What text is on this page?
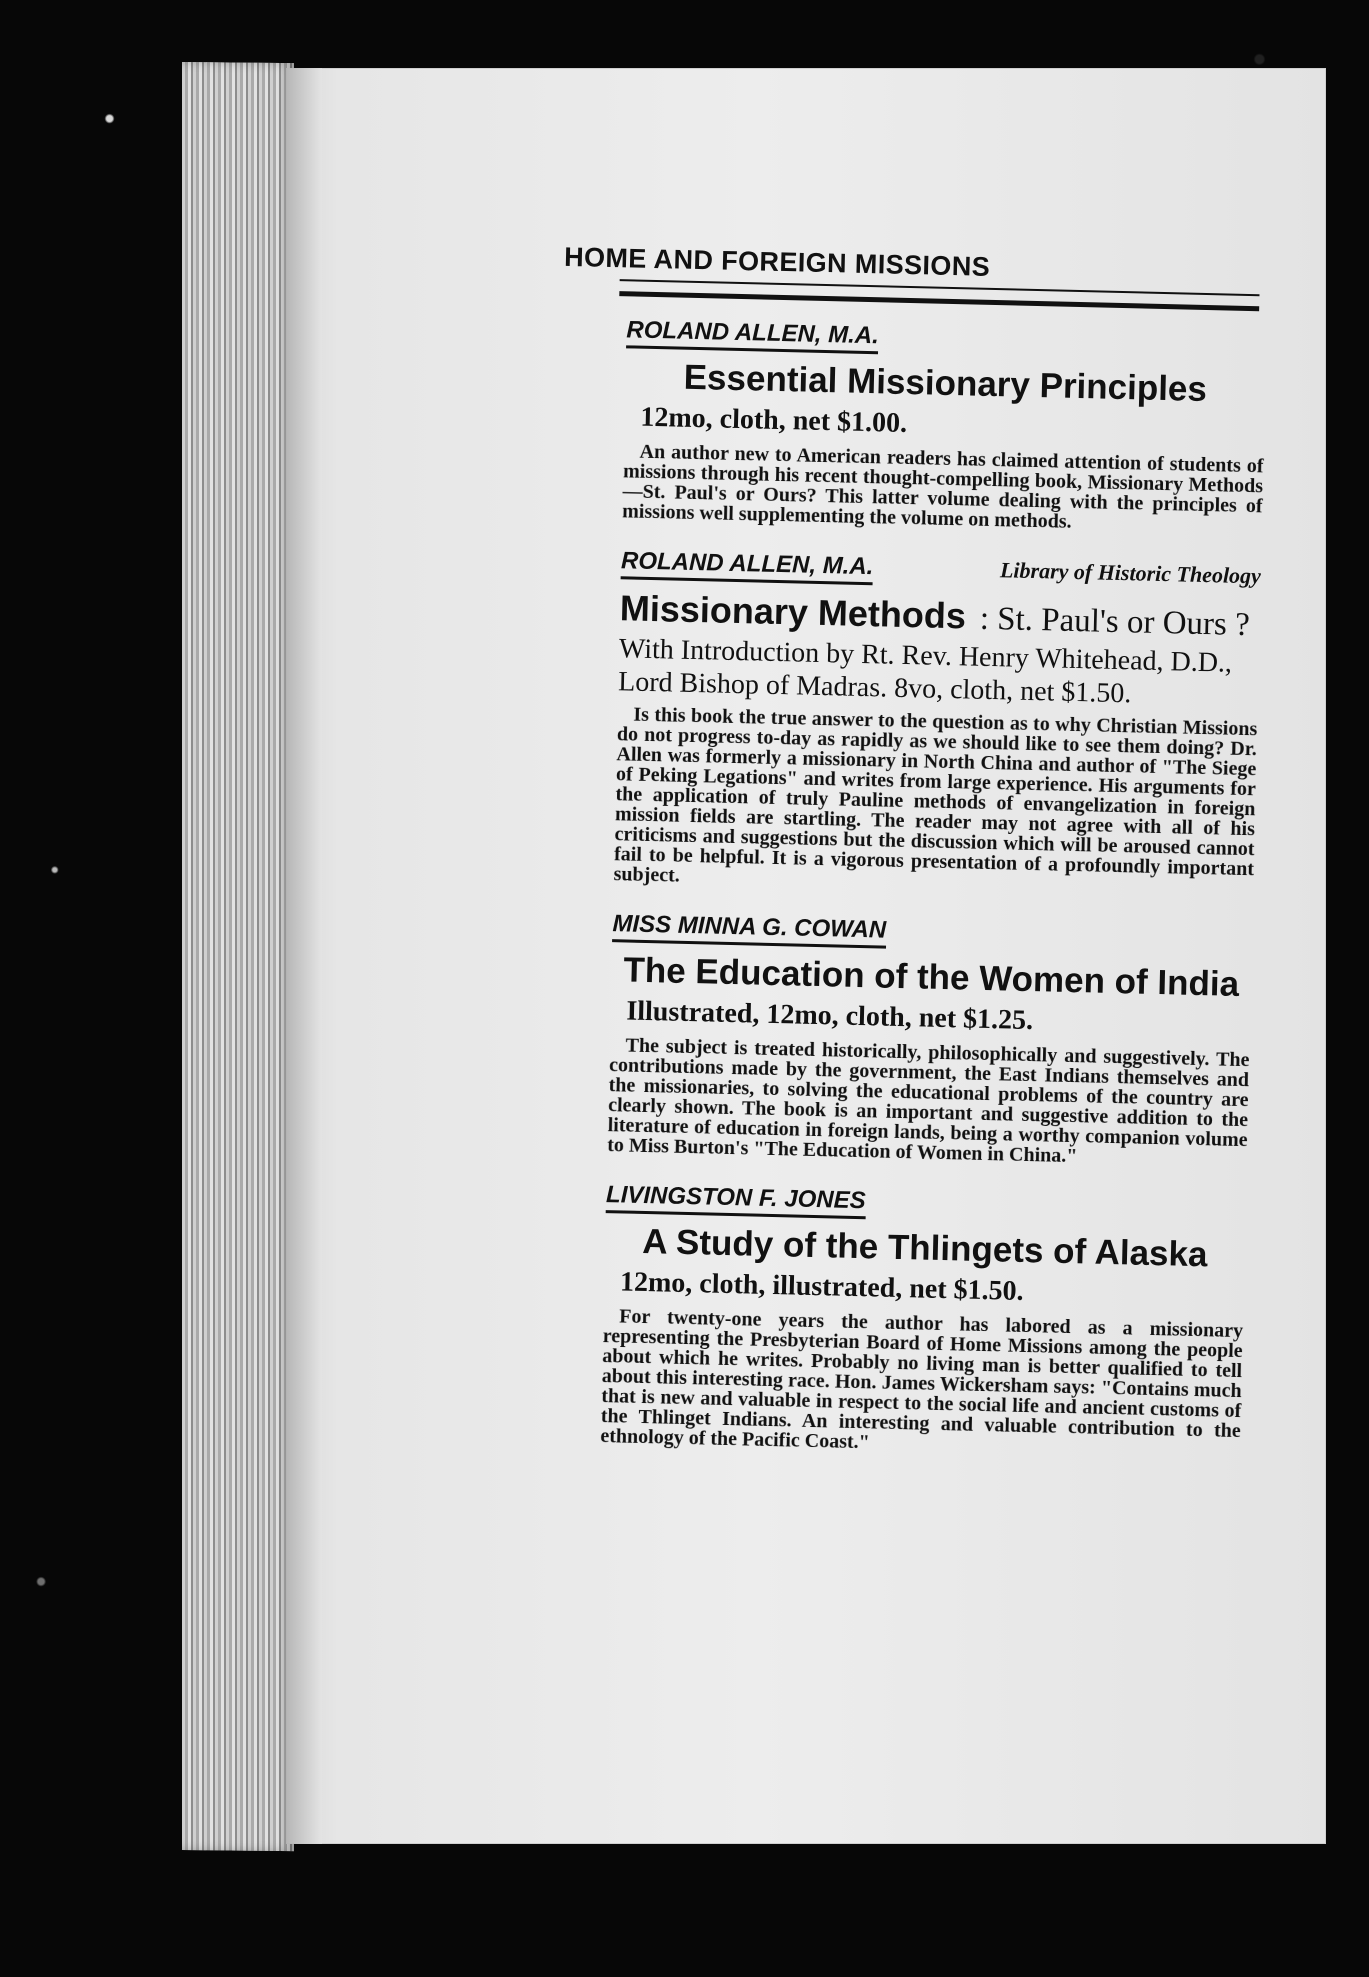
HOME AND FOREIGN MISSIONS
ROLAND ALLEN, M.A.
Essential Missionary Principles
12mo, cloth, net $1.00.

An author new to American readers has claimed attention of students of missions through his recent thought-compelling book, Missionary Methods—St. Paul's or Ours? This latter volume dealing with the principles of missions well supplementing the volume on methods.

ROLAND ALLEN, M.A.	Library of Historic Theology
Missionary Methods : St. Paul's or Ours ?
With Introduction by Rt. Rev. Henry Whitehead, D.D., Lord Bishop of Madras. 8vo, cloth, net $1.50.

Is this book the true answer to the question as to why Christian Missions do not progress to-day as rapidly as we should like to see them doing? Dr. Allen was formerly a missionary in North China and author of "The Siege of Peking Legations" and writes from large experience. His arguments for the application of truly Pauline methods of envangelization in foreign mission fields are startling. The reader may not agree with all of his criticisms and suggestions but the discussion which will be aroused cannot fail to be helpful. It is a vigorous presentation of a profoundly important subject.

MISS MINNA G. COWAN
The Education of the Women of India
Illustrated, 12mo, cloth, net $1.25.

The subject is treated historically, philosophically and suggestively. The contributions made by the government, the East Indians themselves and the missionaries, to solving the educational problems of the country are clearly shown. The book is an important and suggestive addition to the literature of education in foreign lands, being a worthy companion volume to Miss Burton's "The Education of Women in China."

LIVINGSTON F. JONES
A Study of the Thlingets of Alaska
12mo, cloth, illustrated, net $1.50.

For twenty-one years the author has labored as a missionary representing the Presbyterian Board of Home Missions among the people about which he writes. Probably no living man is better qualified to tell about this interesting race. Hon. James Wickersham says: "Contains much that is new and valuable in respect to the social life and ancient customs of the Thlinget Indians. An interesting and valuable contribution to the ethnology of the Pacific Coast."
